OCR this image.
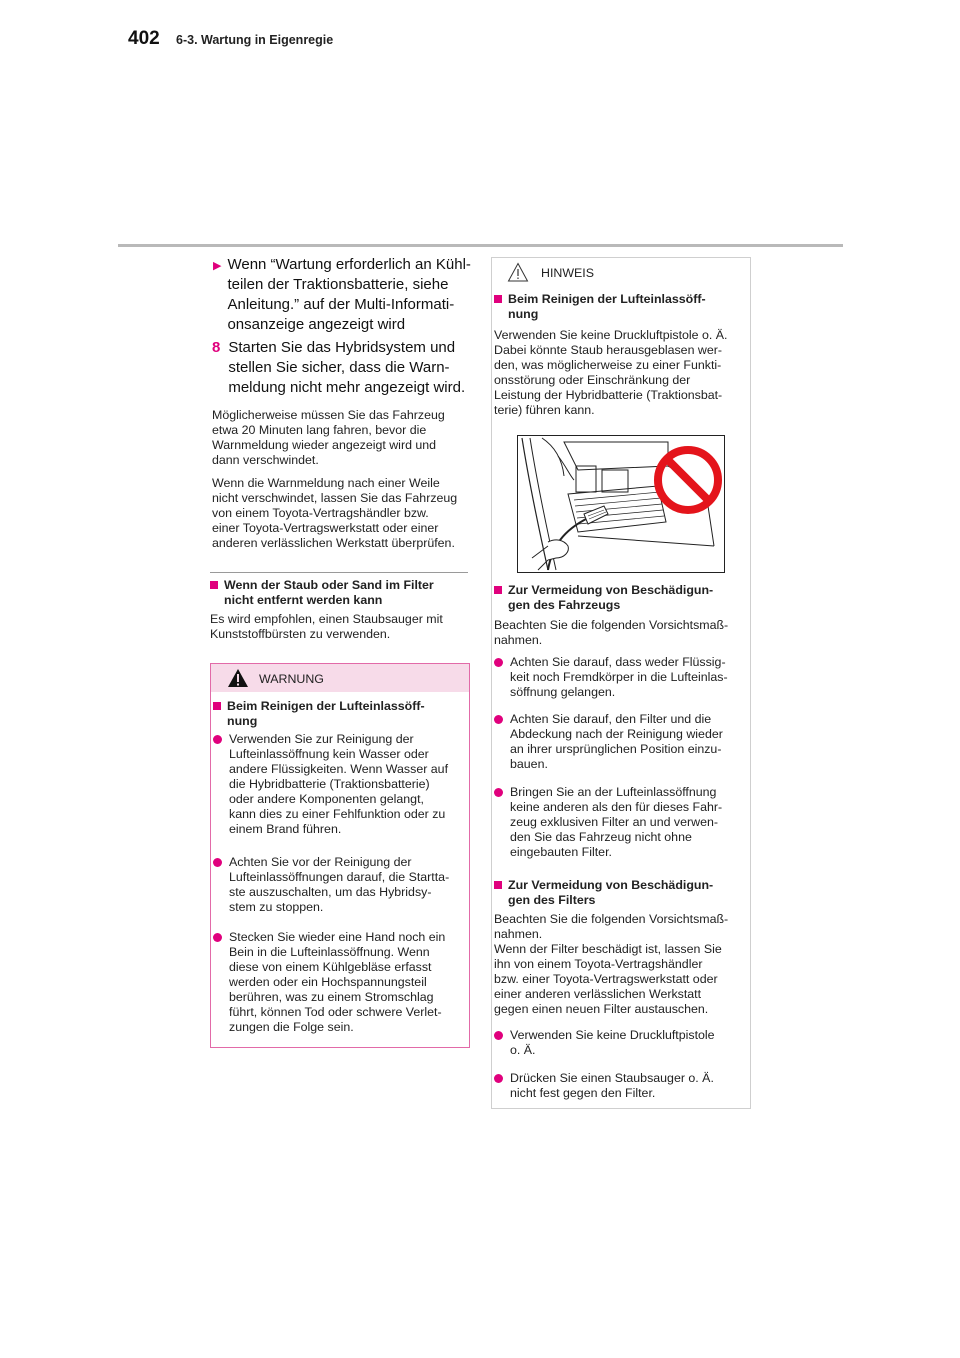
402 6-3. Wartung in Eigenregie
▶ Wenn “Wartung erforderlich an Kühl-
teilen der Traktionsbatterie, siehe
Anleitung.” auf der Multi-Informati-
onsanzeige angezeigt wird
8 Starten Sie das Hybridsystem und
stellen Sie sicher, dass die Warn-
meldung nicht mehr angezeigt wird.
Möglicherweise müssen Sie das Fahrzeug
etwa 20 Minuten lang fahren, bevor die
Warnmeldung wieder angezeigt wird und
dann verschwindet.
Wenn die Warnmeldung nach einer Weile
nicht verschwindet, lassen Sie das Fahrzeug
von einem Toyota-Vertragshändler bzw.
einer Toyota-Vertragswerkstatt oder einer
anderen verlässlichen Werkstatt überprüfen.
Wenn der Staub oder Sand im Filter
nicht entfernt werden kann
Es wird empfohlen, einen Staubsauger mit
Kunststoffbürsten zu verwenden.
WARNUNG
Beim Reinigen der Lufteinlassöff-
nung
Verwenden Sie zur Reinigung der
Lufteinlassöffnung kein Wasser oder
andere Flüssigkeiten. Wenn Wasser auf
die Hybridbatterie (Traktionsbatterie)
oder andere Komponenten gelangt,
kann dies zu einer Fehlfunktion oder zu
einem Brand führen.
Achten Sie vor der Reinigung der
Lufteinlassöffnungen darauf, die Startta-
ste auszuschalten, um das Hybridsy-
stem zu stoppen.
Stecken Sie wieder eine Hand noch ein
Bein in die Lufteinlassöffnung. Wenn
diese von einem Kühlgebläse erfasst
werden oder ein Hochspannungsteil
berühren, was zu einem Stromschlag
führt, können Tod oder schwere Verlet-
zungen die Folge sein.
HINWEIS
Beim Reinigen der Lufteinlassöff-
nung
Verwenden Sie keine Druckluftpistole o. Ä.
Dabei könnte Staub herausgeblasen wer-
den, was möglicherweise zu einer Funkti-
onsstörung oder Einschränkung der
Leistung der Hybridbatterie (Traktionsbat-
terie) führen kann.
Zur Vermeidung von Beschädigun-
gen des Fahrzeugs
Beachten Sie die folgenden Vorsichtsmaß-
nahmen.
Achten Sie darauf, dass weder Flüssig-
keit noch Fremdkörper in die Lufteinlas-
söffnung gelangen.
Achten Sie darauf, den Filter und die
Abdeckung nach der Reinigung wieder
an ihrer ursprünglichen Position einzu-
bauen.
Bringen Sie an der Lufteinlassöffnung
keine anderen als den für dieses Fahr-
zeug exklusiven Filter an und verwen-
den Sie das Fahrzeug nicht ohne
eingebauten Filter.
Zur Vermeidung von Beschädigun-
gen des Filters
Beachten Sie die folgenden Vorsichtsmaß-
nahmen.
Wenn der Filter beschädigt ist, lassen Sie
ihn von einem Toyota-Vertragshändler
bzw. einer Toyota-Vertragswerkstatt oder
einer anderen verlässlichen Werkstatt
gegen einen neuen Filter austauschen.
Verwenden Sie keine Druckluftpistole
o. Ä.
Drücken Sie einen Staubsauger o. Ä.
nicht fest gegen den Filter.
